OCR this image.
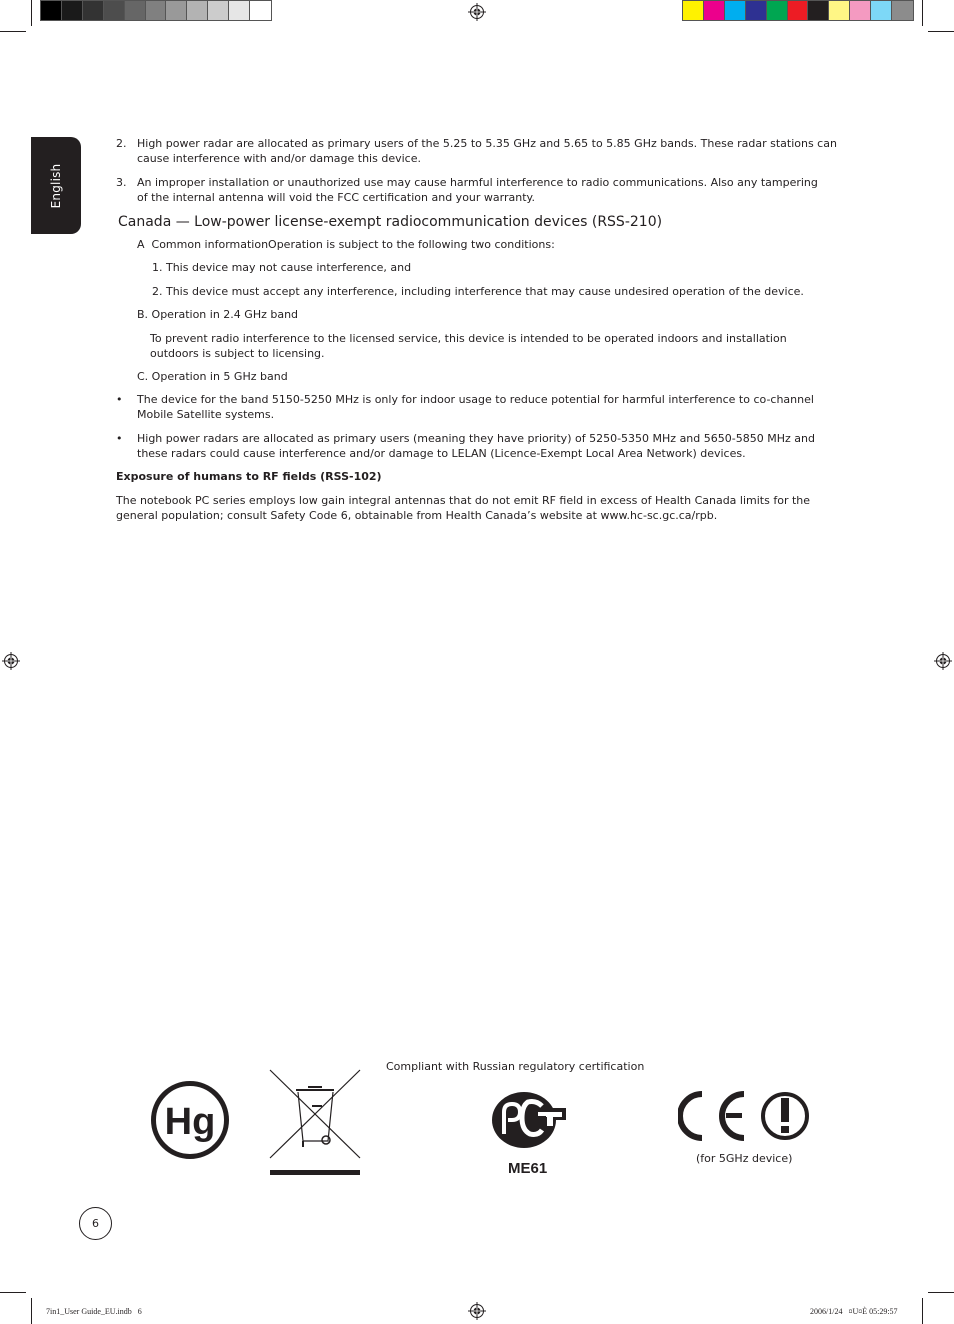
English
2. High power radar are allocated as primary users of the 5.25 to 5.35 GHz and 5.65 to 5.85 GHz bands. These radar stations can
cause interference with and/or damage this device.
3. An improper installation or unauthorized use may cause harmful interference to radio communications. Also any tampering
of the internal antenna will void the FCC certification and your warranty.
Canada — Low-power license-exempt radiocommunication devices (RSS-210)
A  Common informationOperation is subject to the following two conditions:
1. This device may not cause interference, and
2. This device must accept any interference, including interference that may cause undesired operation of the device.
B. Operation in 2.4 GHz band
To prevent radio interference to the licensed service, this device is intended to be operated indoors and installation
outdoors is subject to licensing.
C. Operation in 5 GHz band
• The device for the band 5150-5250 MHz is only for indoor usage to reduce potential for harmful interference to co-channel
Mobile Satellite systems.
• High power radars are allocated as primary users (meaning they have priority) of 5250-5350 MHz and 5650-5850 MHz and
these radars could cause interference and/or damage to LELAN (Licence-Exempt Local Area Network) devices.
Exposure of humans to RF fields (RSS-102)
The notebook PC series employs low gain integral antennas that do not emit RF field in excess of Health Canada limits for the
general population; consult Safety Code 6, obtainable from Health Canada’s website at www.hc-sc.gc.ca/rpb.
Hg
Compliant with Russian regulatory certification
ME61
(for 5GHz device)
6
7in1_User Guide_EU.indb   6	2006/1/24   ¤U¤È 05:29:57
